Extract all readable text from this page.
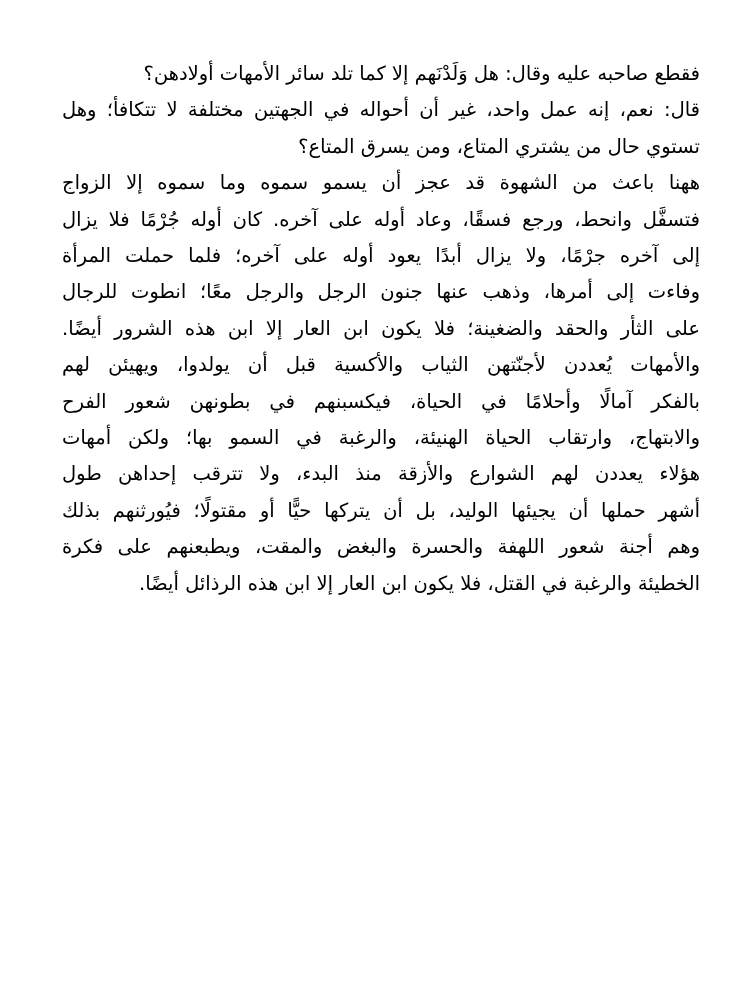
فقطع صاحبه عليه وقال: هل وَلَدْنَهم إلا كما تلد سائر الأمهات أولادهن؟
قال: نعم، إنه عمل واحد، غير أن أحواله في الجهتين مختلفة لا تتكافأ؛ وهل
تستوي حال من يشتري المتاع، ومن يسرق المتاع؟
ههنا باعث من الشهوة قد عجز أن يسمو سموه وما سموه إلا الزواج
فتسفَّل وانحط، ورجع فسقًا، وعاد أوله على آخره. كان أوله جُرْمًا فلا يزال
إلى آخره جرْمًا، ولا يزال أبدًا يعود أوله على آخره؛ فلما حملت المرأة
وفاءت إلى أمرها، وذهب عنها جنون الرجل والرجل معًا؛ انطوت للرجال
على الثأر والحقد والضغينة؛ فلا يكون ابن العار إلا ابن هذه الشرور أيضًا.
والأمهات يُعددن لأجنّتهن الثياب والأكسية قبل أن يولدوا، ويهيئن لهم
بالفكر آمالًا وأحلامًا في الحياة، فيكسبنهم في بطونهن شعور الفرح
والابتهاج، وارتقاب الحياة الهنيئة، والرغبة في السمو بها؛ ولكن أمهات
هؤلاء يعددن لهم الشوارع والأزقة منذ البدء، ولا تترقب إحداهن طول
أشهر حملها أن يجيئها الوليد، بل أن يتركها حيًّا أو مقتولًا؛ فيُورثنهم بذلك
وهم أجنة شعور اللهفة والحسرة والبغض والمقت، ويطبعنهم على فكرة
الخطيئة والرغبة في القتل، فلا يكون ابن العار إلا ابن هذه الرذائل أيضًا.
